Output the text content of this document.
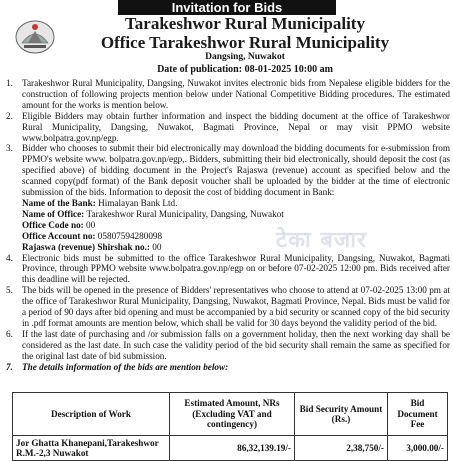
Invitation for Bids
Tarakeshwor Rural Municipality
Office Tarakeshwor Rural Municipality
Dangsing, Nuwakot
Date of publication: 08-01-2025 10:00 am

1. Tarakeshwor Rural Municipality, Dangsing, Nuwakot invites electronic bids from Nepalese eligible bidders for the construction of following projects mention below under National Competitive Bidding procedures. The estimated amount for the works is mention below.

2. Eligible Bidders may obtain further information and inspect the bidding document at the office of Tarakeshwor Rural Municipality, Dangsing, Nuwakot, Bagmati Province, Nepal or may visit PPMO website www.bolpatra.gov.np/egp.

3. Bidder who chooses to submit their bid electronically may download the bidding documents for e-submission from PPMO's website www. bolpatra.gov.np/egp,. Bidders, submitting their bid electronically, should deposit the cost (as specified above) of bidding document in the Project's Rajaswa (revenue) account as specified below and the scanned copy(pdf format) of the Bank deposit voucher shall be uploaded by the bidder at the time of electronic submission of the bids. Information to deposit the cost of bidding document in Bank:

Name of the Bank: Himalayan Bank Ltd.
Name of Office: Tarakeshwor Rural Municipality, Dangsing, Nuwakot
Office Code no: 00
Office Account no: 05807594280098
Rajaswa (revenue) Shirshak no.: 00

4. Electronic bids must be submitted to the office Tarakeshwor Rural Municipality, Dangsing, Nuwakot, Bagmati Province, through PPMO website www.bolpatra.gov.np/egp on or before 07-02-2025 12:00 pm. Bids received after this deadline will be rejected.

5. The bids will be opened in the presence of Bidders' representatives who choose to attend at 07-02-2025 13:00 pm at the office of Tarakeshwor Rural Municipality, Dangsing, Nuwakot, Bagmati Province, Nepal. Bids must be valid for a period of 90 days after bid opening and must be accompanied by a bid security or scanned copy of the bid security in .pdf format amounts are mention below, which shall be valid for 30 days beyond the validity period of the bid.

6. If the last date of purchasing and /or submission falls on a government holiday, then the next working day shall be considered as the last date. In such case the validity period of the bid security shall remain the same as specified for the original last date of bid submission.

7. The details information of the bids are mention below:

टेका बजार
Description of Work	Estimated Amount, NRs (Excluding VAT and contingency)	Bid Security Amount (Rs.)	Bid Document Fee
Jor Ghatta Khanepani,Tarakeshwor R.M.-2,3 Nuwakot	86,32,139.19/-	2,38,750/-	3,000.00/-
